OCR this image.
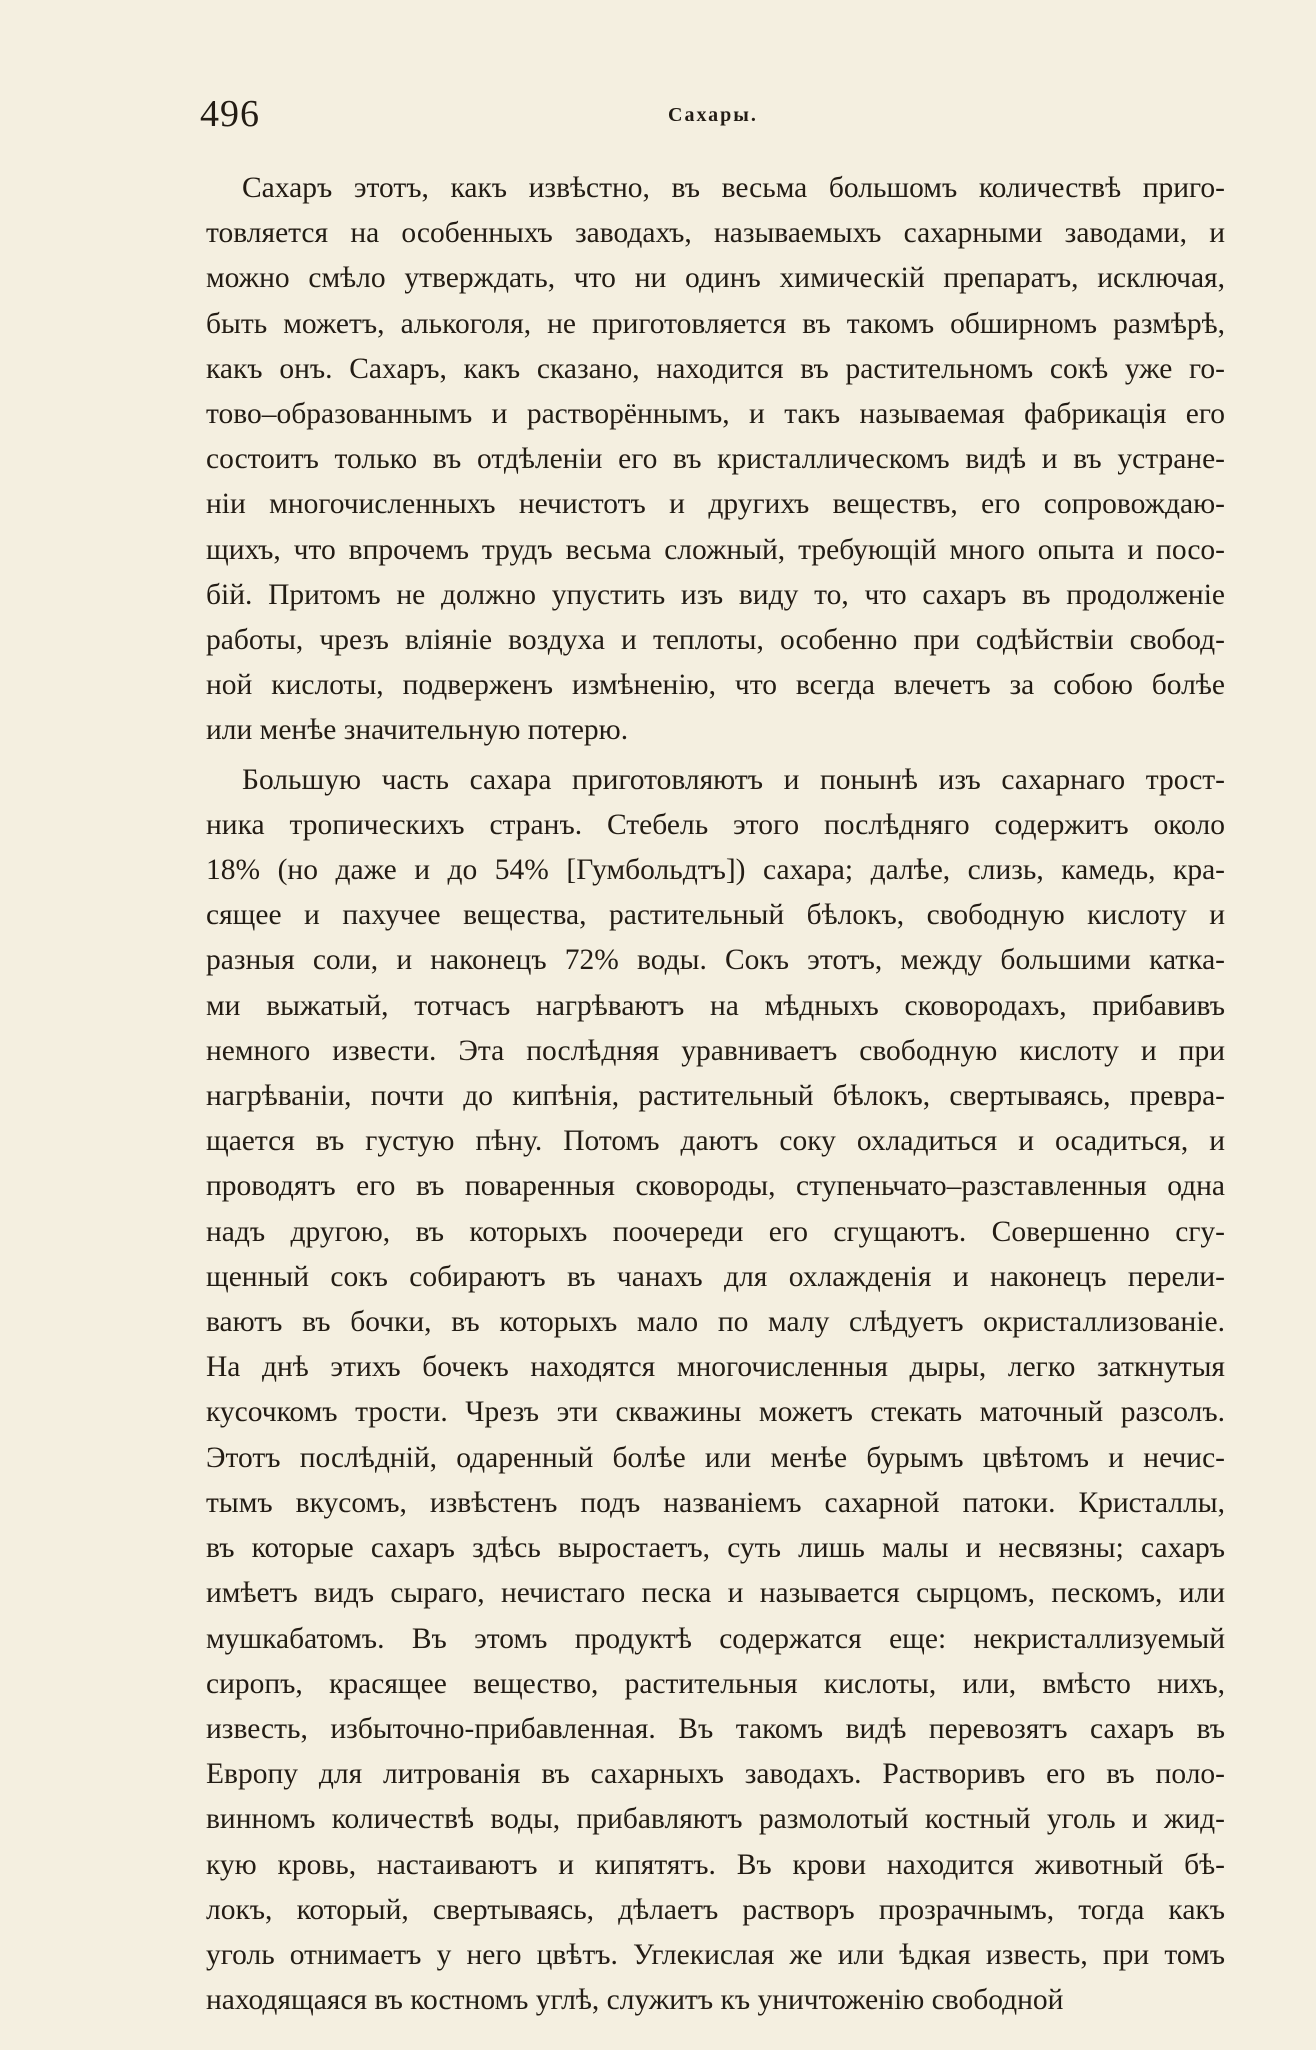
496	Сахары.
Сахаръ этотъ, какъ извѣстно, въ весьма большомъ количествѣ приго-
товляется на особенныхъ заводахъ, называемыхъ сахарными заводами, и
можно смѣло утверждать, что ни одинъ химическій препаратъ, исключая,
быть можетъ, алькоголя, не приготовляется въ такомъ обширномъ размѣрѣ,
какъ онъ. Сахаръ, какъ сказано, находится въ растительномъ сокѣ уже го-
тово–образованнымъ и растворённымъ, и такъ называемая фабрикація его
состоитъ только въ отдѣленіи его въ кристаллическомъ видѣ и въ устране-
ніи многочисленныхъ нечистотъ и другихъ веществъ, его сопровождаю-
щихъ, что впрочемъ трудъ весьма сложный, требующій много опыта и посо-
бій. Притомъ не должно упустить изъ виду то, что сахаръ въ продолженіе
работы, чрезъ вліяніе воздуха и теплоты, особенно при содѣйствіи свобод-
ной кислоты, подверженъ измѣненію, что всегда влечетъ за собою болѣе
или менѣе значительную потерю.
Большую часть сахара приготовляютъ и понынѣ изъ сахарнаго трост-
ника тропическихъ странъ. Стебель этого послѣдняго содержитъ около
18% (но даже и до 54% [Гумбольдтъ]) сахара; далѣе, слизь, камедь, кра-
сящее и пахучее вещества, растительный бѣлокъ, свободную кислоту и
разныя соли, и наконецъ 72% воды. Сокъ этотъ, между большими катка-
ми выжатый, тотчасъ нагрѣваютъ на мѣдныхъ сковородахъ, прибавивъ
немного извести. Эта послѣдняя уравниваетъ свободную кислоту и при
нагрѣваніи, почти до кипѣнія, растительный бѣлокъ, свертываясь, превра-
щается въ густую пѣну. Потомъ даютъ соку охладиться и осадиться, и
проводятъ его въ поваренныя сковороды, ступеньчато–разставленныя одна
надъ другою, въ которыхъ поочереди его сгущаютъ. Совершенно сгу-
щенный сокъ собираютъ въ чанахъ для охлажденія и наконецъ перели-
ваютъ въ бочки, въ которыхъ мало по малу слѣдуетъ окристаллизованіе.
На днѣ этихъ бочекъ находятся многочисленныя дыры, легко заткнутыя
кусочкомъ трости. Чрезъ эти скважины можетъ стекать маточный разсолъ.
Этотъ послѣдній, одаренный болѣе или менѣе бурымъ цвѣтомъ и нечис-
тымъ вкусомъ, извѣстенъ подъ названіемъ сахарной патоки. Кристаллы,
въ которые сахаръ здѣсь выростаетъ, суть лишь малы и несвязны; сахаръ
имѣетъ видъ сыраго, нечистаго песка и называется сырцомъ, пескомъ, или
мушкабатомъ. Въ этомъ продуктѣ содержатся еще: некристаллизуемый
сиропъ, красящее вещество, растительныя кислоты, или, вмѣсто нихъ,
известь, избыточно-прибавленная. Въ такомъ видѣ перевозятъ сахаръ въ
Европу для литрованія въ сахарныхъ заводахъ. Растворивъ его въ поло-
винномъ количествѣ воды, прибавляютъ размолотый костный уголь и жид-
кую кровь, настаиваютъ и кипятятъ. Въ крови находится животный бѣ-
локъ, который, свертываясь, дѣлаетъ растворъ прозрачнымъ, тогда какъ
уголь отнимаетъ у него цвѣтъ. Углекислая же или ѣдкая известь, при томъ
находящаяся въ костномъ углѣ, служитъ къ уничтоженію свободной
